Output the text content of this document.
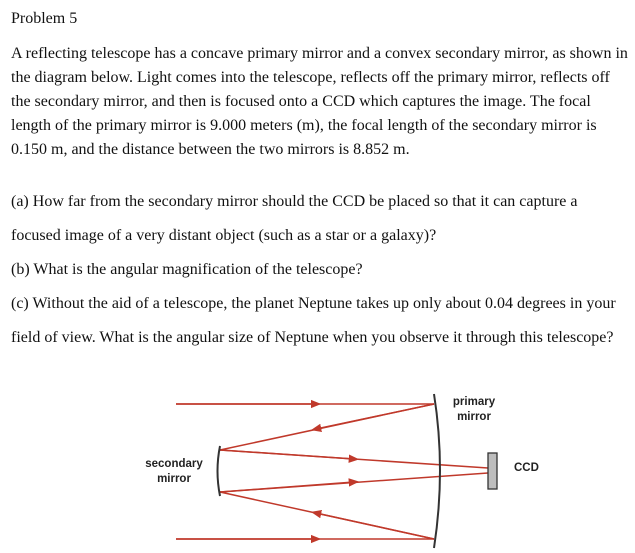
Problem 5
A reflecting telescope has a concave primary mirror and a convex secondary mirror, as shown in the diagram below. Light comes into the telescope, reflects off the primary mirror, reflects off the secondary mirror, and then is focused onto a CCD which captures the image. The focal length of the primary mirror is 9.000 meters (m), the focal length of the secondary mirror is 0.150 m, and the distance between the two mirrors is 8.852 m.
(a) How far from the secondary mirror should the CCD be placed so that it can capture a focused image of a very distant object (such as a star or a galaxy)?
(b) What is the angular magnification of the telescope?
(c) Without the aid of a telescope, the planet Neptune takes up only about 0.04 degrees in your field of view. What is the angular size of Neptune when you observe it through this telescope?
primary
mirror
secondary
mirror
CCD
